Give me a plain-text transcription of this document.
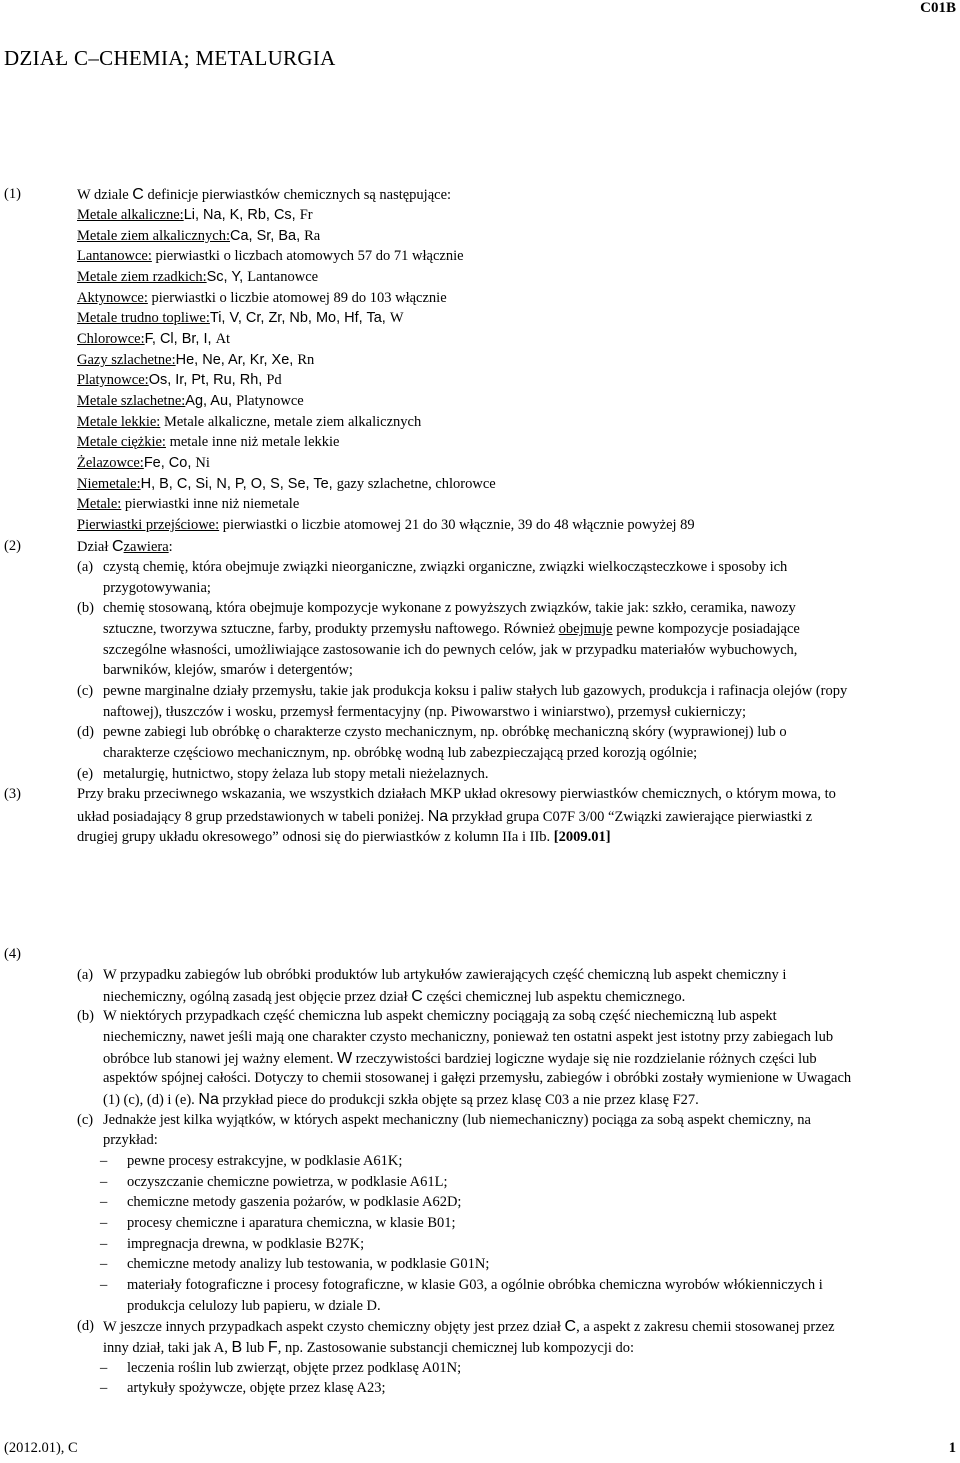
C01B
DZIAŁ C–CHEMIA; METALURGIA
(1)	W dziale C definicje pierwiastków chemicznych są następujące:
Metale alkaliczne:Li, Na, K, Rb, Cs, Fr
Metale ziem alkalicznych:Ca, Sr, Ba, Ra
Lantanowce: pierwiastki o liczbach atomowych 57 do 71 włącznie
Metale ziem rzadkich:Sc, Y, Lantanowce
Aktynowce: pierwiastki o liczbie atomowej 89 do 103 włącznie
Metale trudno topliwe:Ti, V, Cr, Zr, Nb, Mo, Hf, Ta, W
Chlorowce:F, Cl, Br, I, At
Gazy szlachetne:He, Ne, Ar, Kr, Xe, Rn
Platynowce:Os, Ir, Pt, Ru, Rh, Pd
Metale szlachetne:Ag, Au, Platynowce
Metale lekkie: Metale alkaliczne, metale ziem alkalicznych
Metale ciężkie: metale inne niż metale lekkie
Żelazowce:Fe, Co, Ni
Niemetale:H, B, C, Si, N, P, O, S, Se, Te, gazy szlachetne, chlorowce
Metale: pierwiastki inne niż niemetale
Pierwiastki przejściowe: pierwiastki o liczbie atomowej 21 do 30 włącznie, 39 do 48 włącznie powyżej 89
(2)	Dział Czawiera:
(a) czystą chemię, która obejmuje związki nieorganiczne, związki organiczne, związki wielkocząsteczkowe i sposoby ich
przygotowywania;
(b) chemię stosowaną, która obejmuje kompozycje wykonane z powyższych związków, takie jak: szkło, ceramika, nawozy
sztuczne, tworzywa sztuczne, farby, produkty przemysłu naftowego. Również obejmuje pewne kompozycje posiadające
szczególne własności, umożliwiające zastosowanie ich do pewnych celów, jak w przypadku materiałów wybuchowych,
barwników, klejów, smarów i detergentów;
(c) pewne marginalne działy przemysłu, takie jak produkcja koksu i paliw stałych lub gazowych, produkcja i rafinacja olejów (ropy
naftowej), tłuszczów i wosku, przemysł fermentacyjny (np. Piwowarstwo i winiarstwo), przemysł cukierniczy;
(d) pewne zabiegi lub obróbkę o charakterze czysto mechanicznym, np. obróbkę mechaniczną skóry (wyprawionej) lub o
charakterze częściowo mechanicznym, np. obróbkę wodną lub zabezpieczającą przed korozją ogólnie;
(e) metalurgię, hutnictwo, stopy żelaza lub stopy metali nieżelaznych.
(3)	Przy braku przeciwnego wskazania, we wszystkich działach MKP układ okresowy pierwiastków chemicznych, o którym mowa, to
układ posiadający 8 grup przedstawionych w tabeli poniżej. Na przykład grupa C07F 3/00 “Związki zawierające pierwiastki z
drugiej grupy układu okresowego” odnosi się do pierwiastków z kolumn IIa i IIb. [2009.01]
(4)
(a) W przypadku zabiegów lub obróbki produktów lub artykułów zawierających część chemiczną lub aspekt chemiczny i
niechemiczny, ogólną zasadą jest objęcie przez dział C części chemicznej lub aspektu chemicznego.
(b) W niektórych przypadkach część chemiczna lub aspekt chemiczny pociągają za sobą część niechemiczną lub aspekt
niechemiczny, nawet jeśli mają one charakter czysto mechaniczny, ponieważ ten ostatni aspekt jest istotny przy zabiegach lub
obróbce lub stanowi jej ważny element. W rzeczywistości bardziej logiczne wydaje się nie rozdzielanie różnych części lub
aspektów spójnej całości. Dotyczy to chemii stosowanej i gałęzi przemysłu, zabiegów i obróbki zostały wymienione w Uwagach
(1) (c), (d) i (e). Na przykład piece do produkcji szkła objęte są przez klasę C03 a nie przez klasę F27.
(c) Jednakże jest kilka wyjątków, w których aspekt mechaniczny (lub niemechaniczny) pociąga za sobą aspekt chemiczny, na
przykład:
– pewne procesy estrakcyjne, w podklasie A61K;
– oczyszczanie chemiczne powietrza, w podklasie A61L;
– chemiczne metody gaszenia pożarów, w podklasie A62D;
– procesy chemiczne i aparatura chemiczna, w klasie B01;
– impregnacja drewna, w podklasie B27K;
– chemiczne metody analizy lub testowania, w podklasie G01N;
– materiały fotograficzne i procesy fotograficzne, w klasie G03, a ogólnie obróbka chemiczna wyrobów włókienniczych i
produkcja celulozy lub papieru, w dziale D.
(d) W jeszcze innych przypadkach aspekt czysto chemiczny objęty jest przez dział C, a aspekt z zakresu chemii stosowanej przez
inny dział, taki jak A, B lub F, np. Zastosowanie substancji chemicznej lub kompozycji do:
– leczenia roślin lub zwierząt, objęte przez podklasę A01N;
– artykuły spożywcze, objęte przez klasę A23;
(2012.01), C	1
